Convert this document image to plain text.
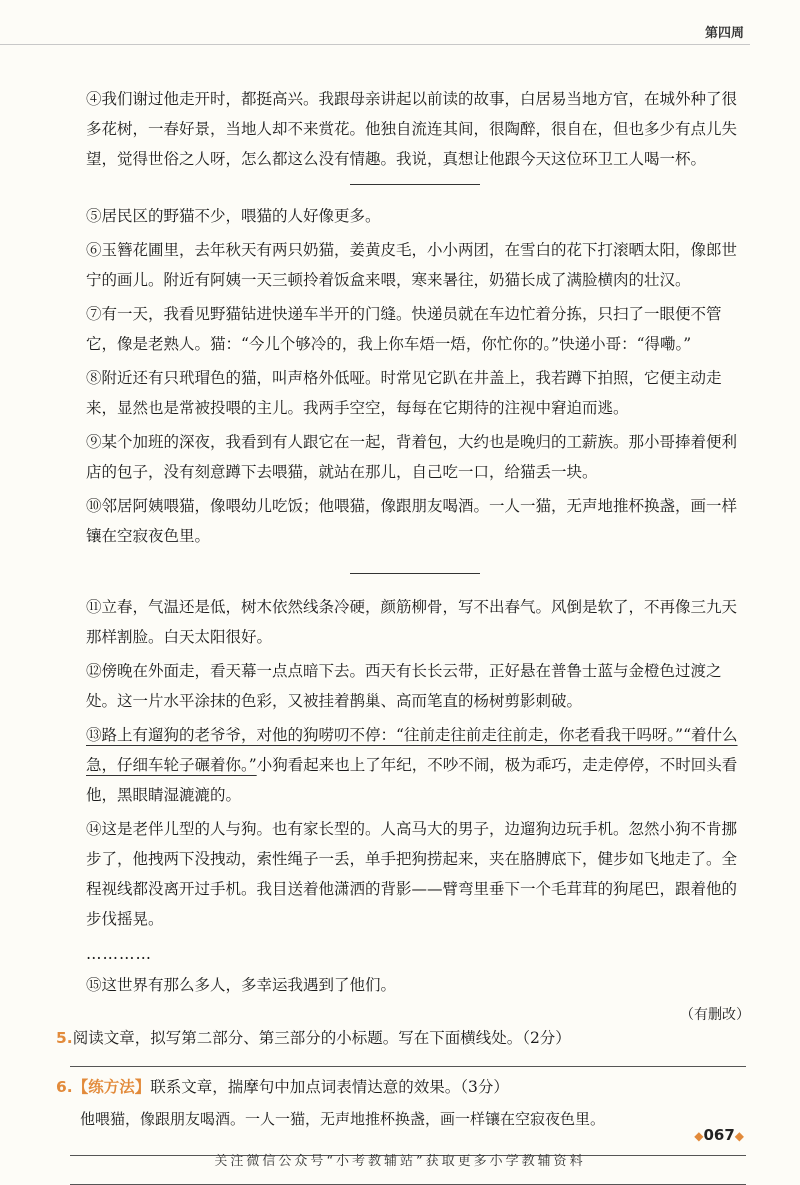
第四周

④我们谢过他走开时，都挺高兴。我跟母亲讲起以前读的故事，白居易当地方官，在城外种了很多花树，一春好景，当地人却不来赏花。他独自流连其间，很陶醉，很自在，但也多少有点儿失望，觉得世俗之人呀，怎么都这么没有情趣。我说，真想让他跟今天这位环卫工人喝一杯。

⑤居民区的野猫不少，喂猫的人好像更多。

⑥玉簪花圃里，去年秋天有两只奶猫，姜黄皮毛，小小两团，在雪白的花下打滚晒太阳，像郎世宁的画儿。附近有阿姨一天三顿拎着饭盒来喂，寒来暑往，奶猫长成了满脸横肉的壮汉。

⑦有一天，我看见野猫钻进快递车半开的门缝。快递员就在车边忙着分拣，只扫了一眼便不管它，像是老熟人。猫：“今儿个够冷的，我上你车焐一焐，你忙你的。”快递小哥：“得嘞。”

⑧附近还有只玳瑁色的猫，叫声格外低哑。时常见它趴在井盖上，我若蹲下拍照，它便主动走来，显然也是常被投喂的主儿。我两手空空，每每在它期待的注视中窘迫而逃。

⑨某个加班的深夜，我看到有人跟它在一起，背着包，大约也是晚归的工薪族。那小哥捧着便利店的包子，没有刻意蹲下去喂猫，就站在那儿，自己吃一口，给猫丢一块。

⑩邻居阿姨喂猫，像喂幼儿吃饭；他喂猫，像跟朋友喝酒。一人一猫，无声地推杯换盏，画一样镶在空寂夜色里。

⑪立春，气温还是低，树木依然线条冷硬，颜筋柳骨，写不出春气。风倒是软了，不再像三九天那样割脸。白天太阳很好。

⑫傍晚在外面走，看天幕一点点暗下去。西天有长长云带，正好悬在普鲁士蓝与金橙色过渡之处。这一片水平涂抹的色彩，又被挂着鹊巢、高而笔直的杨树剪影刺破。

⑬路上有遛狗的老爷爷，对他的狗唠叨不停：“往前走往前走往前走，你老看我干吗呀。”“着什么急，仔细车轮子碾着你。”小狗看起来也上了年纪，不吵不闹，极为乖巧，走走停停，不时回头看他，黑眼睛湿漉漉的。

⑭这是老伴儿型的人与狗。也有家长型的。人高马大的男子，边遛狗边玩手机。忽然小狗不肯挪步了，他拽两下没拽动，索性绳子一丢，单手把狗捞起来，夹在胳膊底下，健步如飞地走了。全程视线都没离开过手机。我目送着他潇洒的背影——臂弯里垂下一个毛茸茸的狗尾巴，跟着他的步伐摇晃。

…………

⑮这世界有那么多人，多幸运我遇到了他们。

（有删改）
5.阅读文章，拟写第二部分、第三部分的小标题。写在下面横线处。（2分）
6.【练方法】联系文章，揣摩句中加点词表情达意的效果。（3分）
他喂猫，像跟朋友喝酒。一人一猫，无声地推杯换盏，画一样镶在空寂夜色里。
◆067◆
关注微信公众号“小考教辅站”获取更多小学教辅资料
